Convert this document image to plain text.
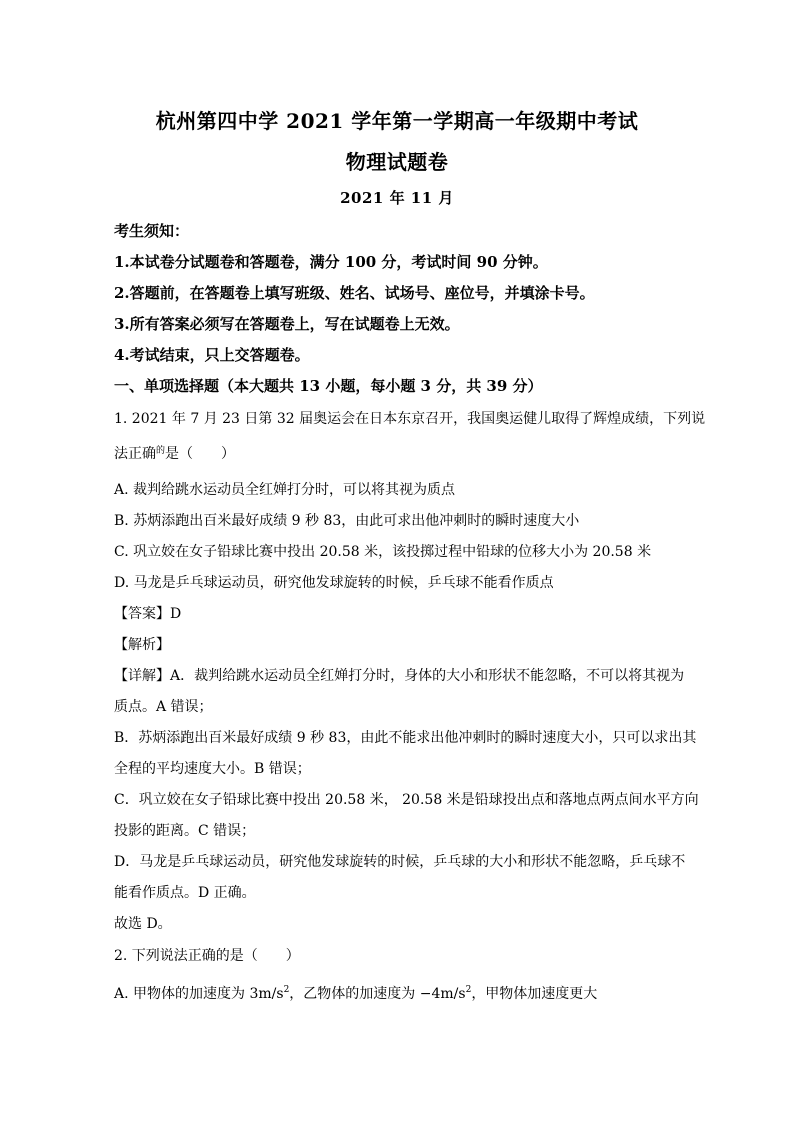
杭州第四中学 2021 学年第一学期高一年级期中考试
物理试题卷
2021 年 11 月
考生须知：
1.本试卷分试题卷和答题卷，满分 100 分，考试时间 90 分钟。
2.答题前，在答题卷上填写班级、姓名、试场号、座位号，并填涂卡号。
3.所有答案必须写在答题卷上，写在试题卷上无效。
4.考试结束，只上交答题卷。
一、单项选择题（本大题共 13 小题，每小题 3 分，共 39 分）
1. 2021 年 7 月 23 日第 32 届奥运会在日本东京召开，我国奥运健儿取得了辉煌成绩，下列说
法正确$^的$是（　　）
A. 裁判给跳水运动员全红婵打分时，可以将其视为质点
B. 苏炳添跑出百米最好成绩 9 秒 83，由此可求出他冲刺时的瞬时速度大小
C. 巩立姣在女子铅球比赛中投出 20.58 米，该投掷过程中铅球的位移大小为 20.58 米
D. 马龙是乒乓球运动员，研究他发球旋转的时候，乒乓球不能看作质点
【答案】D
【解析】
【详解】A．裁判给跳水运动员全红婵打分时，身体的大小和形状不能忽略，不可以将其视为
质点。A 错误；
B．苏炳添跑出百米最好成绩 9 秒 83，由此不能求出他冲刺时的瞬时速度大小，只可以求出其
全程的平均速度大小。B 错误；
C．巩立姣在女子铅球比赛中投出 20.58 米， 20.58 米是铅球投出点和落地点两点间水平方向
投影的距离。C 错误；
D．马龙是乒乓球运动员，研究他发球旋转的时候，乒乓球的大小和形状不能忽略，乒乓球不
能看作质点。D 正确。
故选 D。
2. 下列说法正确的是（　　）
A. 甲物体的加速度为 $3m/s^2$，乙物体的加速度为 $-4m/s^2$，甲物体加速度更大
